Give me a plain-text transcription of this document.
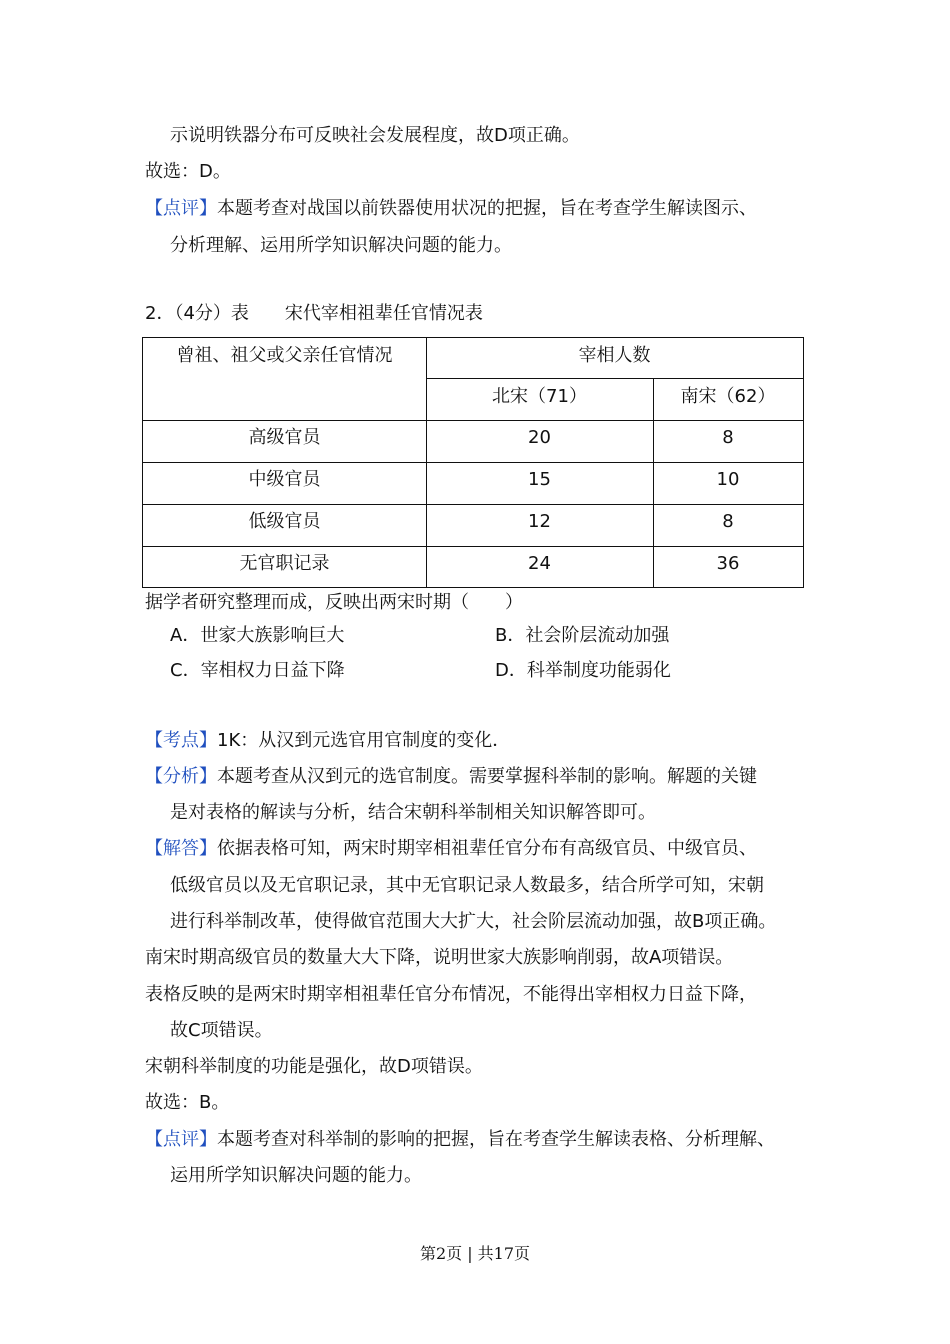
示说明铁器分布可反映社会发展程度，故D项正确。
故选：D。
【点评】本题考查对战国以前铁器使用状况的把握，旨在考查学生解读图示、
分析理解、运用所学知识解决问题的能力。
2．（4分）表　　宋代宰相祖辈任官情况表
曾祖、祖父或父亲任官情况	宰相人数
北宋（71）	南宋（62）
高级官员	20	8
中级官员	15	10
低级官员	12	8
无官职记录	24	36
据学者研究整理而成，反映出两宋时期（　　）
A．世家大族影响巨大	B．社会阶层流动加强
C．宰相权力日益下降	D．科举制度功能弱化
【考点】1K：从汉到元选官用官制度的变化．
【分析】本题考查从汉到元的选官制度。需要掌握科举制的影响。解题的关键
是对表格的解读与分析，结合宋朝科举制相关知识解答即可。
【解答】依据表格可知，两宋时期宰相祖辈任官分布有高级官员、中级官员、
低级官员以及无官职记录，其中无官职记录人数最多，结合所学可知，宋朝
进行科举制改革，使得做官范围大大扩大，社会阶层流动加强，故B项正确。
南宋时期高级官员的数量大大下降，说明世家大族影响削弱，故A项错误。
表格反映的是两宋时期宰相祖辈任官分布情况，不能得出宰相权力日益下降，
故C项错误。
宋朝科举制度的功能是强化，故D项错误。
故选：B。
【点评】本题考查对科举制的影响的把握，旨在考查学生解读表格、分析理解、
运用所学知识解决问题的能力。
第2页 | 共17页
